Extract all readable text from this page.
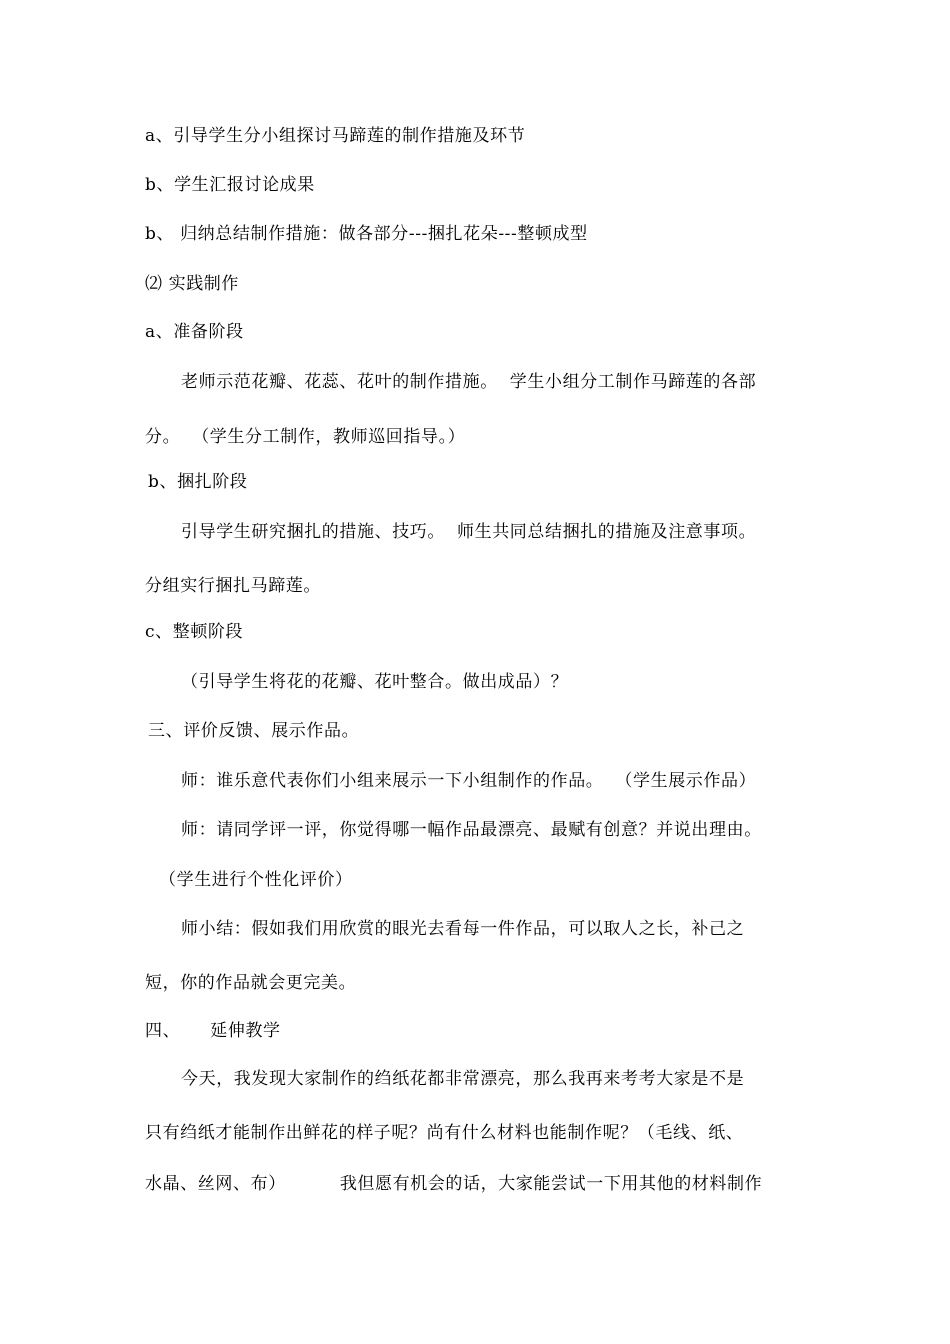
a、引导学生分小组探讨马蹄莲的制作措施及环节
b、学生汇报讨论成果
b、 归纳总结制作措施：做各部分---捆扎花朵---整顿成型
⑵ 实践制作
a、准备阶段
老师示范花瓣、花蕊、花叶的制作措施。  学生小组分工制作马蹄莲的各部
分。  （学生分工制作，教师巡回指导。）
b、捆扎阶段
引导学生研究捆扎的措施、技巧。  师生共同总结捆扎的措施及注意事项。
分组实行捆扎马蹄莲。
c、整顿阶段
（引导学生将花的花瓣、花叶整合。做出成品）？
三、评价反馈、展示作品。
师：谁乐意代表你们小组来展示一下小组制作的作品。  （学生展示作品）
师：请同学评一评，你觉得哪一幅作品最漂亮、最赋有创意？并说出理由。
（学生进行个性化评价）
师小结：假如我们用欣赏的眼光去看每一件作品，可以取人之长，补己之
短，你的作品就会更完美。
四、     延伸教学
今天，我发现大家制作的绉纸花都非常漂亮，那么我再来考考大家是不是
只有绉纸才能制作出鲜花的样子呢？尚有什么材料也能制作呢？（毛线、纸、
水晶、丝网、布）         我但愿有机会的话，大家能尝试一下用其他的材料制作
